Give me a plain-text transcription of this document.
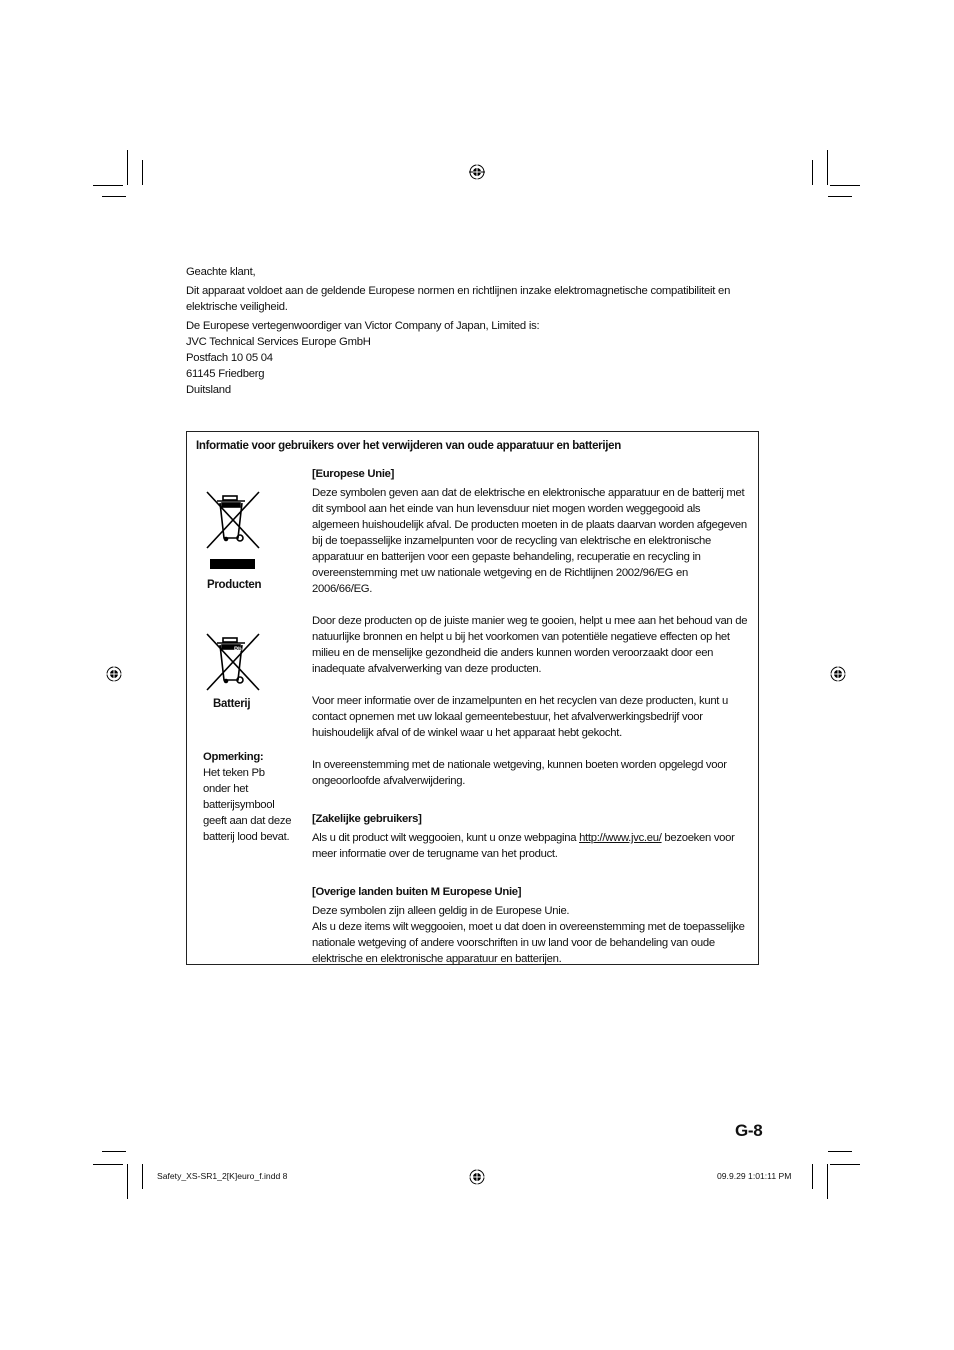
Geachte klant,

Dit apparaat voldoet aan de geldende Europese normen en richtlijnen inzake elektromagnetische compatibiliteit en elektrische veiligheid.

De Europese vertegenwoordiger van Victor Company of Japan, Limited is:

JVC Technical Services Europe GmbH
Postfach 10 05 04
61145 Friedberg
Duitsland
Informatie voor gebruikers over het verwijderen van oude apparatuur en batterijen
Producten
Pb
Batterij
Opmerking:
Het teken Pb
onder het
batterijsymbool
geeft aan dat deze
batterij lood bevat.
[Europese Unie]

Deze symbolen geven aan dat de elektrische en elektronische apparatuur en de batterij met dit symbool aan het einde van hun levensduur niet mogen worden weggegooid als algemeen huishoudelijk afval. De producten moeten in de plaats daarvan worden afgegeven bij de toepasselijke inzamelpunten voor de recycling van elektrische en elektronische apparatuur en batterijen voor een gepaste behandeling, recuperatie en recycling in overeenstemming met uw nationale wetgeving en de Richtlijnen 2002/96/EG en 2006/66/EG.

Door deze producten op de juiste manier weg te gooien, helpt u mee aan het behoud van de natuurlijke bronnen en helpt u bij het voorkomen van potentiële negatieve effecten op het milieu en de menselijke gezondheid die anders kunnen worden veroorzaakt door een inadequate afvalverwerking van deze producten.

Voor meer informatie over de inzamelpunten en het recyclen van deze producten, kunt u contact opnemen met uw lokaal gemeentebestuur, het afvalverwerkingsbedrijf voor huishoudelijk afval of de winkel waar u het apparaat hebt gekocht.

In overeenstemming met de nationale wetgeving, kunnen boeten worden opgelegd voor ongeoorloofde afvalverwijdering.

[Zakelijke gebruikers]

Als u dit product wilt weggooien, kunt u onze webpagina http://www.jvc.eu/ bezoeken voor meer informatie over de terugname van het product.

[Overige landen buiten M Europese Unie]

Deze symbolen zijn alleen geldig in de Europese Unie.

Als u deze items wilt weggooien, moet u dat doen in overeenstemming met de toepasselijke nationale wetgeving of andere voorschriften in uw land voor de behandeling van oude elektrische en elektronische apparatuur en batterijen.

G-8
Safety_XS-SR1_2[K]euro_f.indd 8	09.9.29 1:01:11 PM
